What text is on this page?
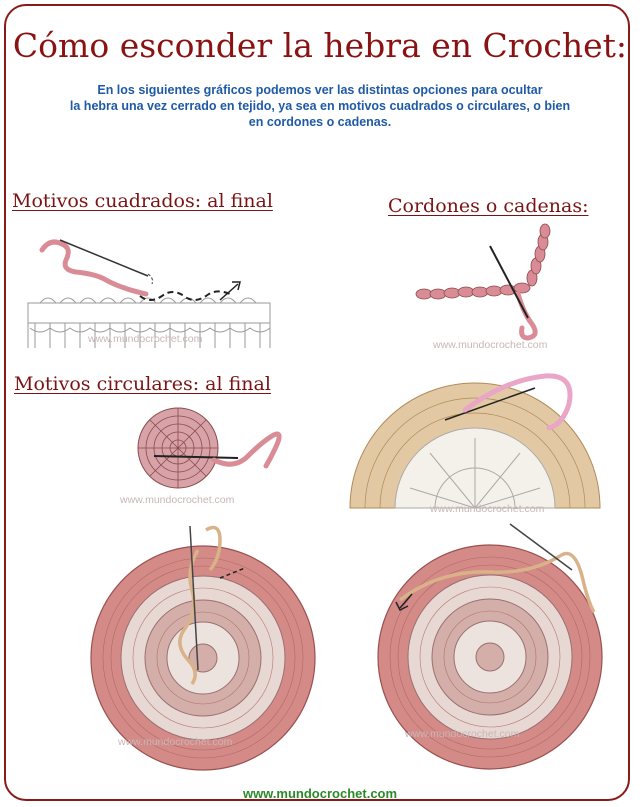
Cómo esconder la hebra en Crochet:
En los siguientes gráficos podemos ver las distintas opciones para ocultar
la hebra una vez cerrado en tejido, ya sea en motivos cuadrados o circulares, o bien
en cordones o cadenas.
Motivos cuadrados: al final	Cordones o cadenas:
Motivos circulares: al final
www.mundocrochet.com	www.mundocrochet.com
www.mundocrochet.com
www.mundocrochet.com
www.mundocrochet.com
www.mundocrochet.com
www.mundocrochet.com
